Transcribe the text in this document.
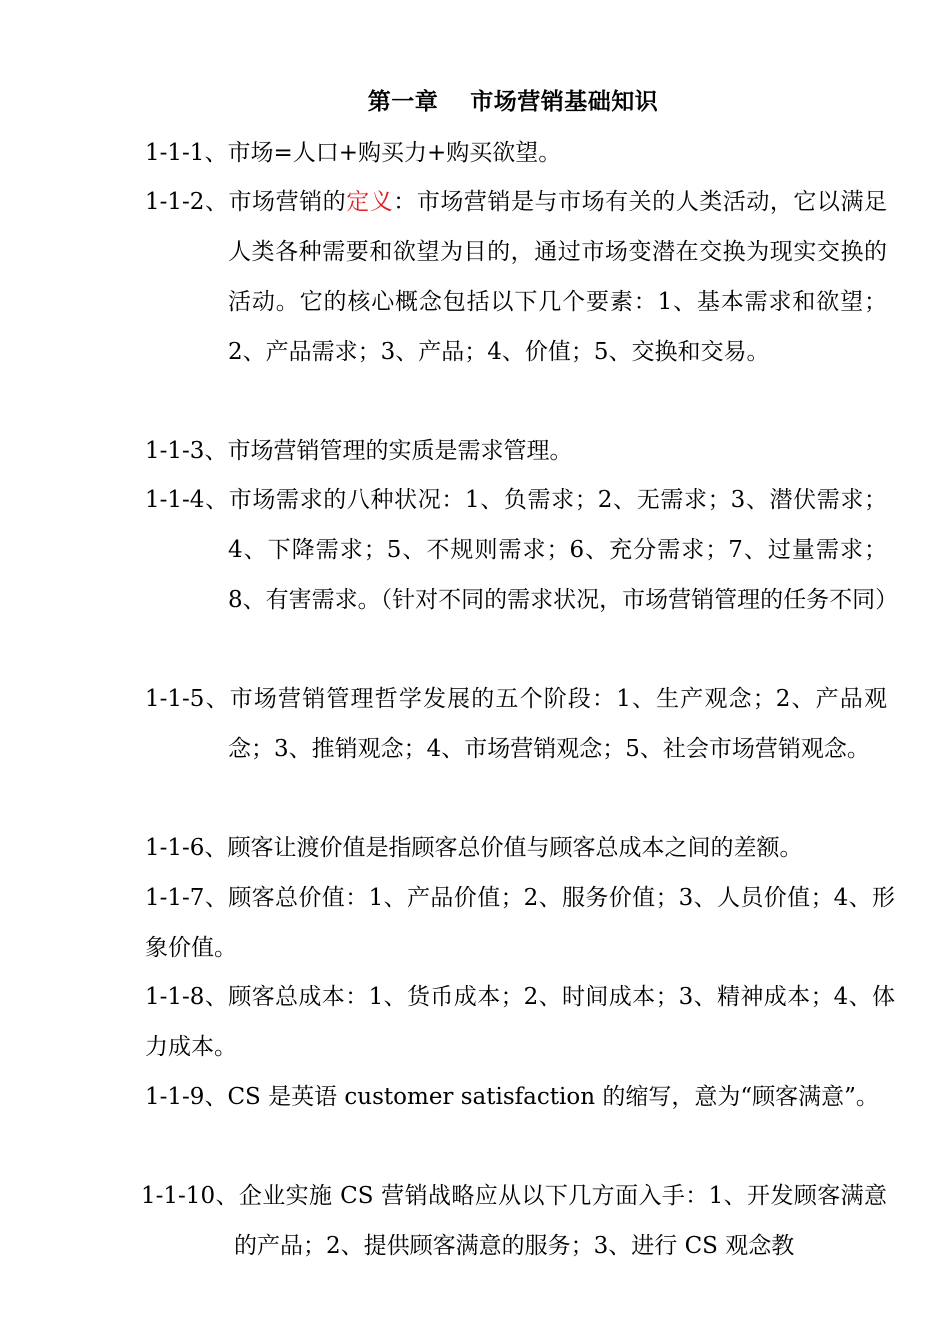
第一章　 市场营销基础知识

1-1-1、市场=人口+购买力+购买欲望。

1-1-2、市场营销的定义：市场营销是与市场有关的人类活动，它以满足人类各种需要和欲望为目的，通过市场变潜在交换为现实交换的活动。它的核心概念包括以下几个要素：1、基本需求和欲望；2、产品需求；3、产品；4、价值；5、交换和交易。

1-1-3、市场营销管理的实质是需求管理。

1-1-4、市场需求的八种状况：1、负需求；2、无需求；3、潜伏需求；4、下降需求；5、不规则需求；6、充分需求；7、过量需求；8、有害需求。（针对不同的需求状况，市场营销管理的任务不同）

1-1-5、市场营销管理哲学发展的五个阶段：1、生产观念；2、产品观念；3、推销观念；4、市场营销观念；5、社会市场营销观念。

1-1-6、顾客让渡价值是指顾客总价值与顾客总成本之间的差额。

1-1-7、顾客总价值：1、产品价值；2、服务价值；3、人员价值；4、形象价值。

1-1-8、顾客总成本：1、货币成本；2、时间成本；3、精神成本；4、体力成本。

1-1-9、CS 是英语 customer satisfaction 的缩写，意为“顾客满意”。

1-1-10、企业实施 CS 营销战略应从以下几方面入手：1、开发顾客满意的产品；2、提供顾客满意的服务；3、进行 CS 观念教
